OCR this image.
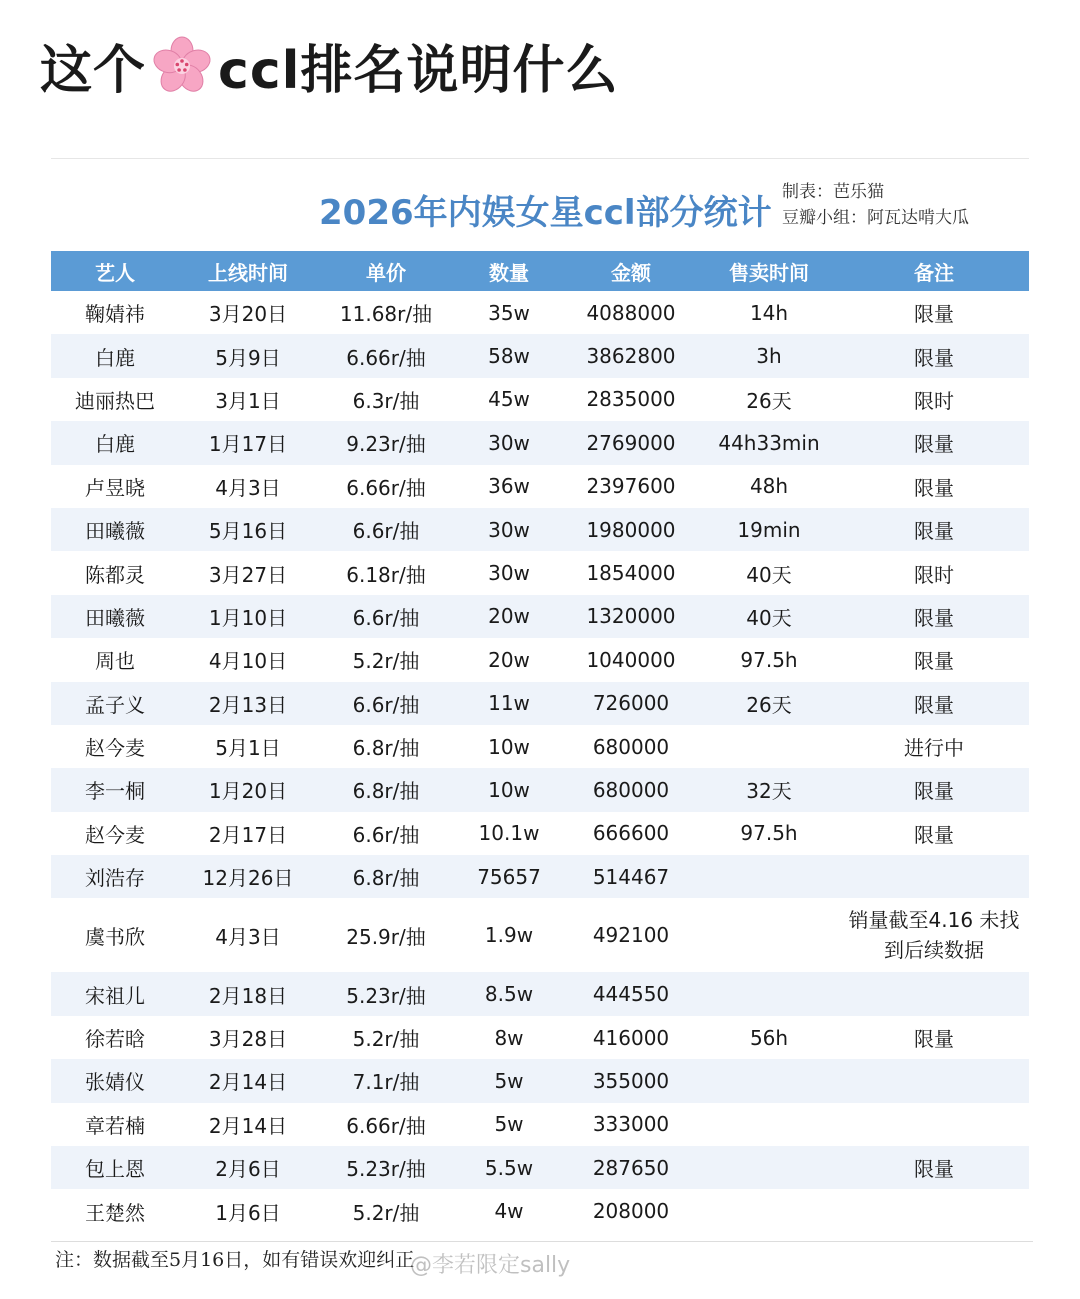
这个 ccl排名说明什么
2026年内娱女星ccl部分统计
制表：芭乐猫
豆瓣小组：阿瓦达啃大瓜
艺人	上线时间	单价	数量	金额	售卖时间	备注
鞠婧祎	3月20日	11.68r/抽	35w	4088000	14h	限量
白鹿	5月9日	6.66r/抽	58w	3862800	3h	限量
迪丽热巴	3月1日	6.3r/抽	45w	2835000	26天	限时
白鹿	1月17日	9.23r/抽	30w	2769000	44h33min	限量
卢昱晓	4月3日	6.66r/抽	36w	2397600	48h	限量
田曦薇	5月16日	6.6r/抽	30w	1980000	19min	限量
陈都灵	3月27日	6.18r/抽	30w	1854000	40天	限时
田曦薇	1月10日	6.6r/抽	20w	1320000	40天	限量
周也	4月10日	5.2r/抽	20w	1040000	97.5h	限量
孟子义	2月13日	6.6r/抽	11w	726000	26天	限量
赵今麦	5月1日	6.8r/抽	10w	680000		进行中
李一桐	1月20日	6.8r/抽	10w	680000	32天	限量
赵今麦	2月17日	6.6r/抽	10.1w	666600	97.5h	限量
刘浩存	12月26日	6.8r/抽	75657	514467		
虞书欣	4月3日	25.9r/抽	1.9w	492100		销量截至4.16 未找到后续数据
宋祖儿	2月18日	5.23r/抽	8.5w	444550		
徐若晗	3月28日	5.2r/抽	8w	416000	56h	限量
张婧仪	2月14日	7.1r/抽	5w	355000		
章若楠	2月14日	6.66r/抽	5w	333000		
包上恩	2月6日	5.23r/抽	5.5w	287650		限量
王楚然	1月6日	5.2r/抽	4w	208000		
注：数据截至5月16日，如有错误欢迎纠正
@李若限定sally
